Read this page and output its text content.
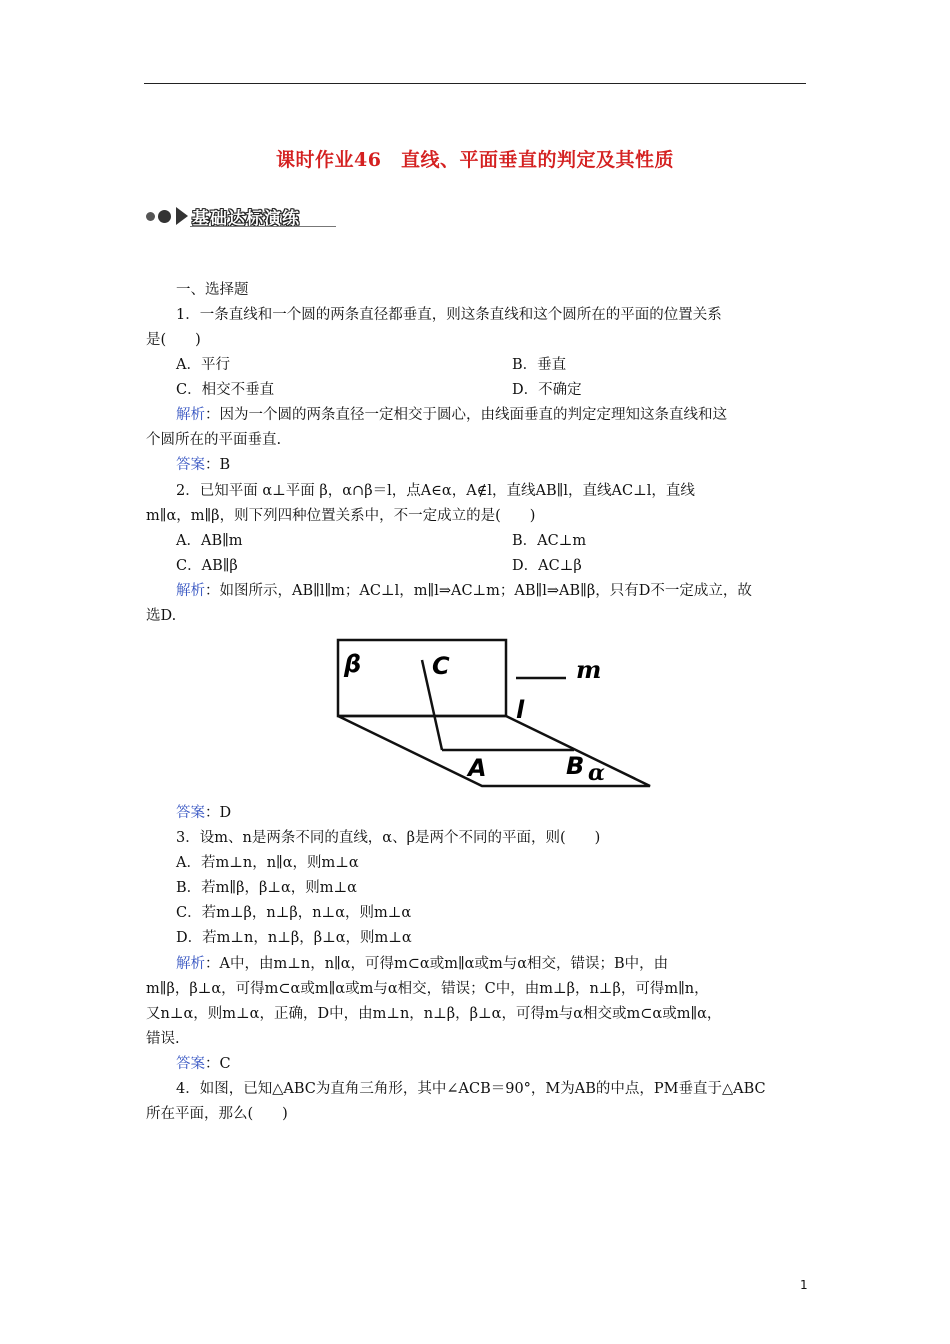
课时作业46　直线、平面垂直的判定及其性质
基础达标演练
一、选择题
1．一条直线和一个圆的两条直径都垂直，则这条直线和这个圆所在的平面的位置关系
是(　　)
A．平行	B．垂直
C．相交不垂直	D．不确定
解析：因为一个圆的两条直径一定相交于圆心，由线面垂直的判定定理知这条直线和这
个圆所在的平面垂直.
答案：B
2．已知平面 α⊥平面 β，α∩β＝l，点A∈α，A∉l，直线AB∥l，直线AC⊥l，直线
m∥α，m∥β，则下列四种位置关系中，不一定成立的是(　　)
A．AB∥m	B．AC⊥m
C．AB∥β	D．AC⊥β
解析：如图所示，AB∥l∥m；AC⊥l，m∥l⇒AC⊥m；AB∥l⇒AB∥β，只有D不一定成立，故
选D.
β	C	m
l
A	B α
答案：D
3．设m、n是两条不同的直线，α、β是两个不同的平面，则(　　)
A．若m⊥n，n∥α，则m⊥α
B．若m∥β，β⊥α，则m⊥α
C．若m⊥β，n⊥β，n⊥α，则m⊥α
D．若m⊥n，n⊥β，β⊥α，则m⊥α
解析：A中，由m⊥n，n∥α，可得m⊂α或m∥α或m与α相交，错误；B中，由
m∥β，β⊥α，可得m⊂α或m∥α或m与α相交，错误；C中，由m⊥β，n⊥β，可得m∥n，
又n⊥α，则m⊥α，正确，D中，由m⊥n，n⊥β，β⊥α，可得m与α相交或m⊂α或m∥α，
错误.
答案：C
4．如图，已知△ABC为直角三角形，其中∠ACB＝90°，M为AB的中点，PM垂直于△ABC
所在平面，那么(　　)
1
